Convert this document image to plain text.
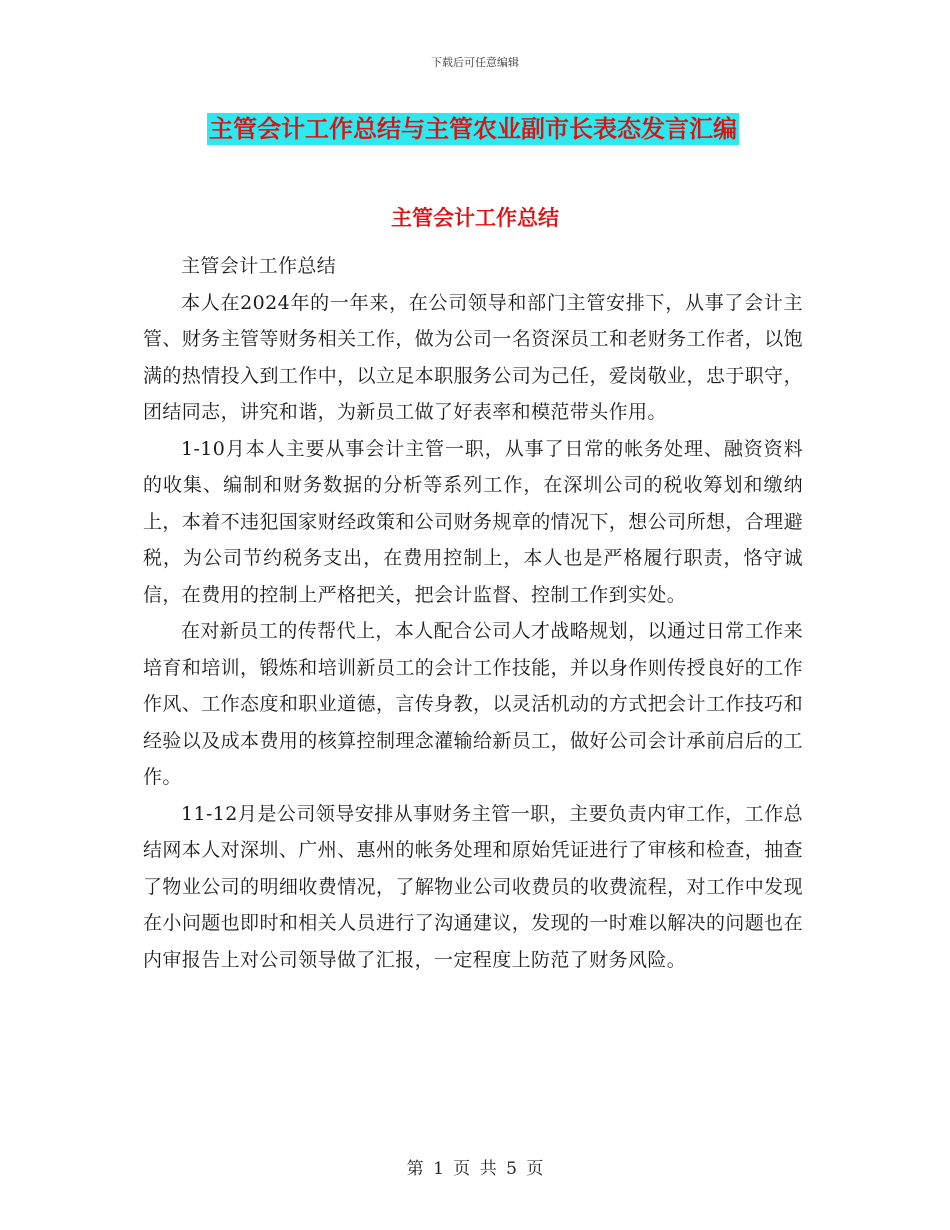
下载后可任意编辑
主管会计工作总结与主管农业副市长表态发言汇编
主管会计工作总结

主管会计工作总结

本人在2024年的一年来，在公司领导和部门主管安排下，从事了会计主管、财务主管等财务相关工作，做为公司一名资深员工和老财务工作者，以饱满的热情投入到工作中，以立足本职服务公司为己任，爱岗敬业，忠于职守，团结同志，讲究和谐，为新员工做了好表率和模范带头作用。

1-10月本人主要从事会计主管一职，从事了日常的帐务处理、融资资料的收集、编制和财务数据的分析等系列工作，在深圳公司的税收筹划和缴纳上，本着不违犯国家财经政策和公司财务规章的情况下，想公司所想，合理避税，为公司节约税务支出，在费用控制上，本人也是严格履行职责，恪守诚信，在费用的控制上严格把关，把会计监督、控制工作到实处。

在对新员工的传帮代上，本人配合公司人才战略规划，以通过日常工作来培育和培训，锻炼和培训新员工的会计工作技能，并以身作则传授良好的工作作风、工作态度和职业道德，言传身教，以灵活机动的方式把会计工作技巧和经验以及成本费用的核算控制理念灌输给新员工，做好公司会计承前启后的工作。

11-12月是公司领导安排从事财务主管一职，主要负责内审工作，工作总结网本人对深圳、广州、惠州的帐务处理和原始凭证进行了审核和检查，抽查了物业公司的明细收费情况，了解物业公司收费员的收费流程，对工作中发现在小问题也即时和相关人员进行了沟通建议，发现的一时难以解决的问题也在内审报告上对公司领导做了汇报，一定程度上防范了财务风险。

第 1 页 共 5 页
